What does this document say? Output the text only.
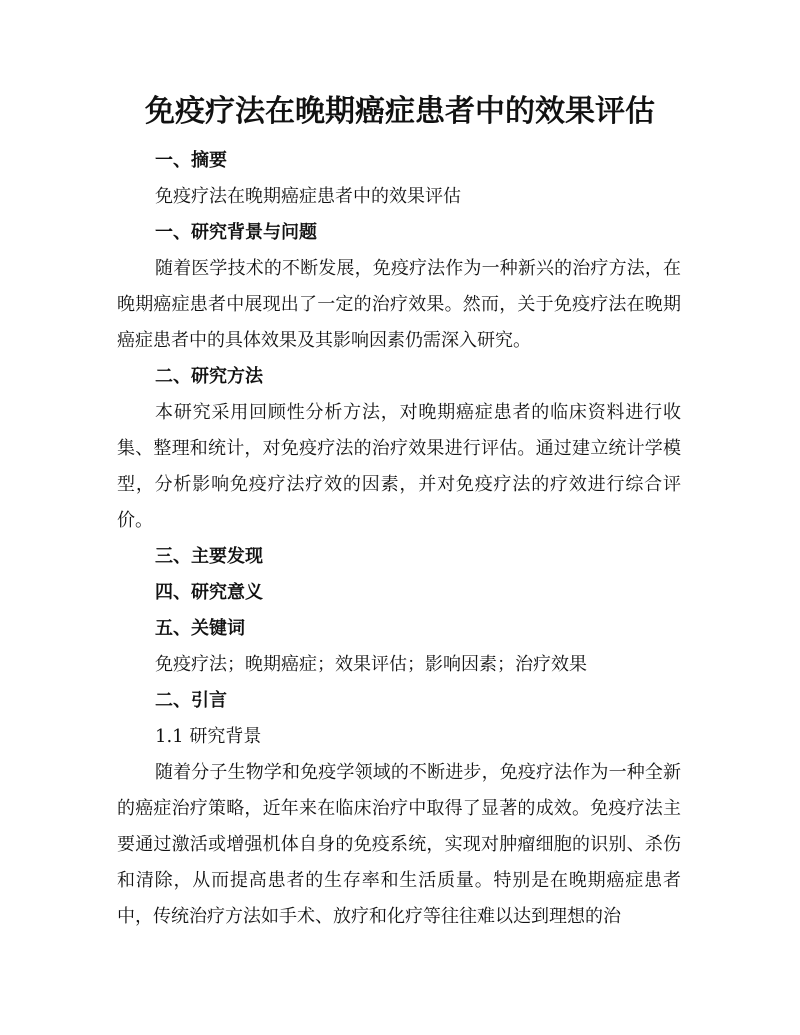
免疫疗法在晚期癌症患者中的效果评估

一、摘要

免疫疗法在晚期癌症患者中的效果评估

一、研究背景与问题

随着医学技术的不断发展，免疫疗法作为一种新兴的治疗方法，在晚期癌症患者中展现出了一定的治疗效果。然而，关于免疫疗法在晚期癌症患者中的具体效果及其影响因素仍需深入研究。

二、研究方法

本研究采用回顾性分析方法，对晚期癌症患者的临床资料进行收集、整理和统计，对免疫疗法的治疗效果进行评估。通过建立统计学模型，分析影响免疫疗法疗效的因素，并对免疫疗法的疗效进行综合评价。

三、主要发现

四、研究意义

五、关键词

免疫疗法；晚期癌症；效果评估；影响因素；治疗效果

二、引言

1.1 研究背景

随着分子生物学和免疫学领域的不断进步，免疫疗法作为一种全新的癌症治疗策略，近年来在临床治疗中取得了显著的成效。免疫疗法主要通过激活或增强机体自身的免疫系统，实现对肿瘤细胞的识别、杀伤和清除，从而提高患者的生存率和生活质量。特别是在晚期癌症患者中，传统治疗方法如手术、放疗和化疗等往往难以达到理想的治
